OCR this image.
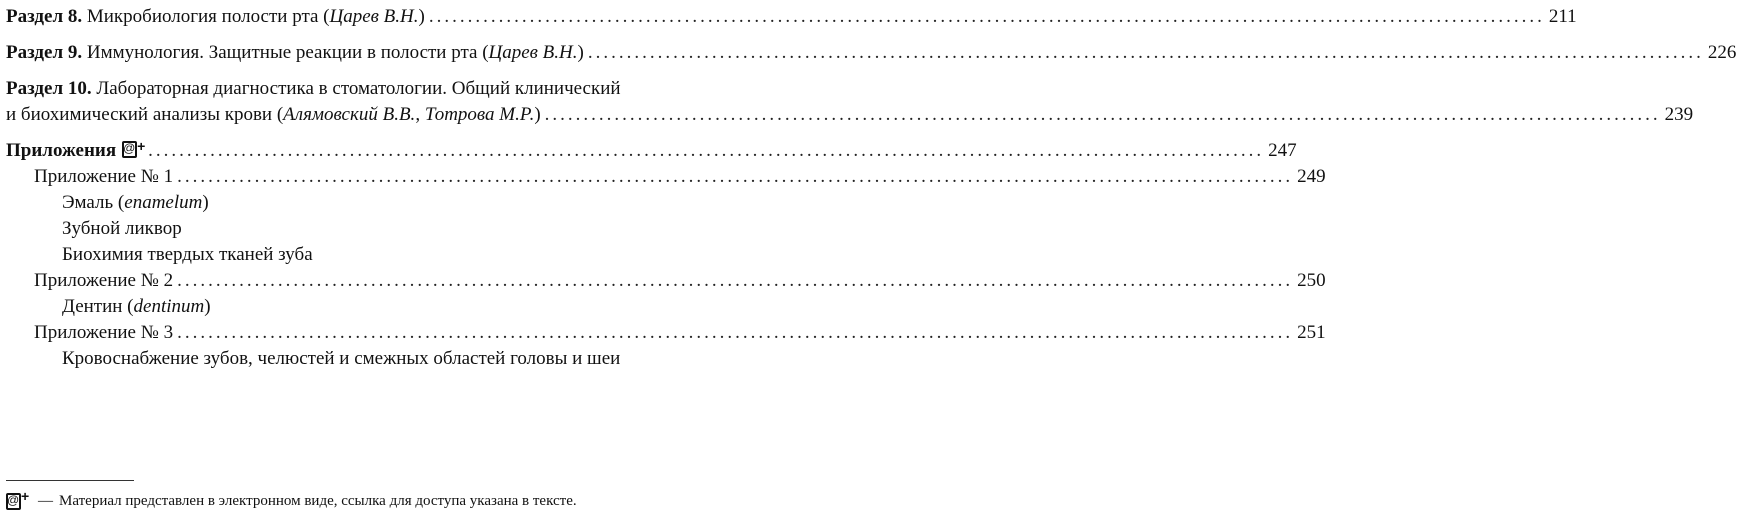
Раздел 8. Микробиология полости рта (Царев В.Н.) ................................................................................................................................................ 211
Раздел 9. Иммунология. Защитные реакции в полости рта (Царев В.Н.) ................................................................................................................................................ 226
Раздел 10. Лабораторная диагностика в стоматологии. Общий клинический
и биохимический анализы крови (Алямовский В.В., Тотрова М.Р.) ................................................................................................................................................ 239
Приложения @ + ................................................................................................................................................ 247
Приложение № 1 ................................................................................................................................................ 249
Эмаль (enamelum)
Зубной ликвор
Биохимия твердых тканей зуба
Приложение № 2 ................................................................................................................................................ 250
Дентин (dentinum)
Приложение № 3 ................................................................................................................................................ 251
Кровоснабжение зубов, челюстей и смежных областей головы и шеи
@ + — Материал представлен в электронном виде, ссылка для доступа указана в тексте.
